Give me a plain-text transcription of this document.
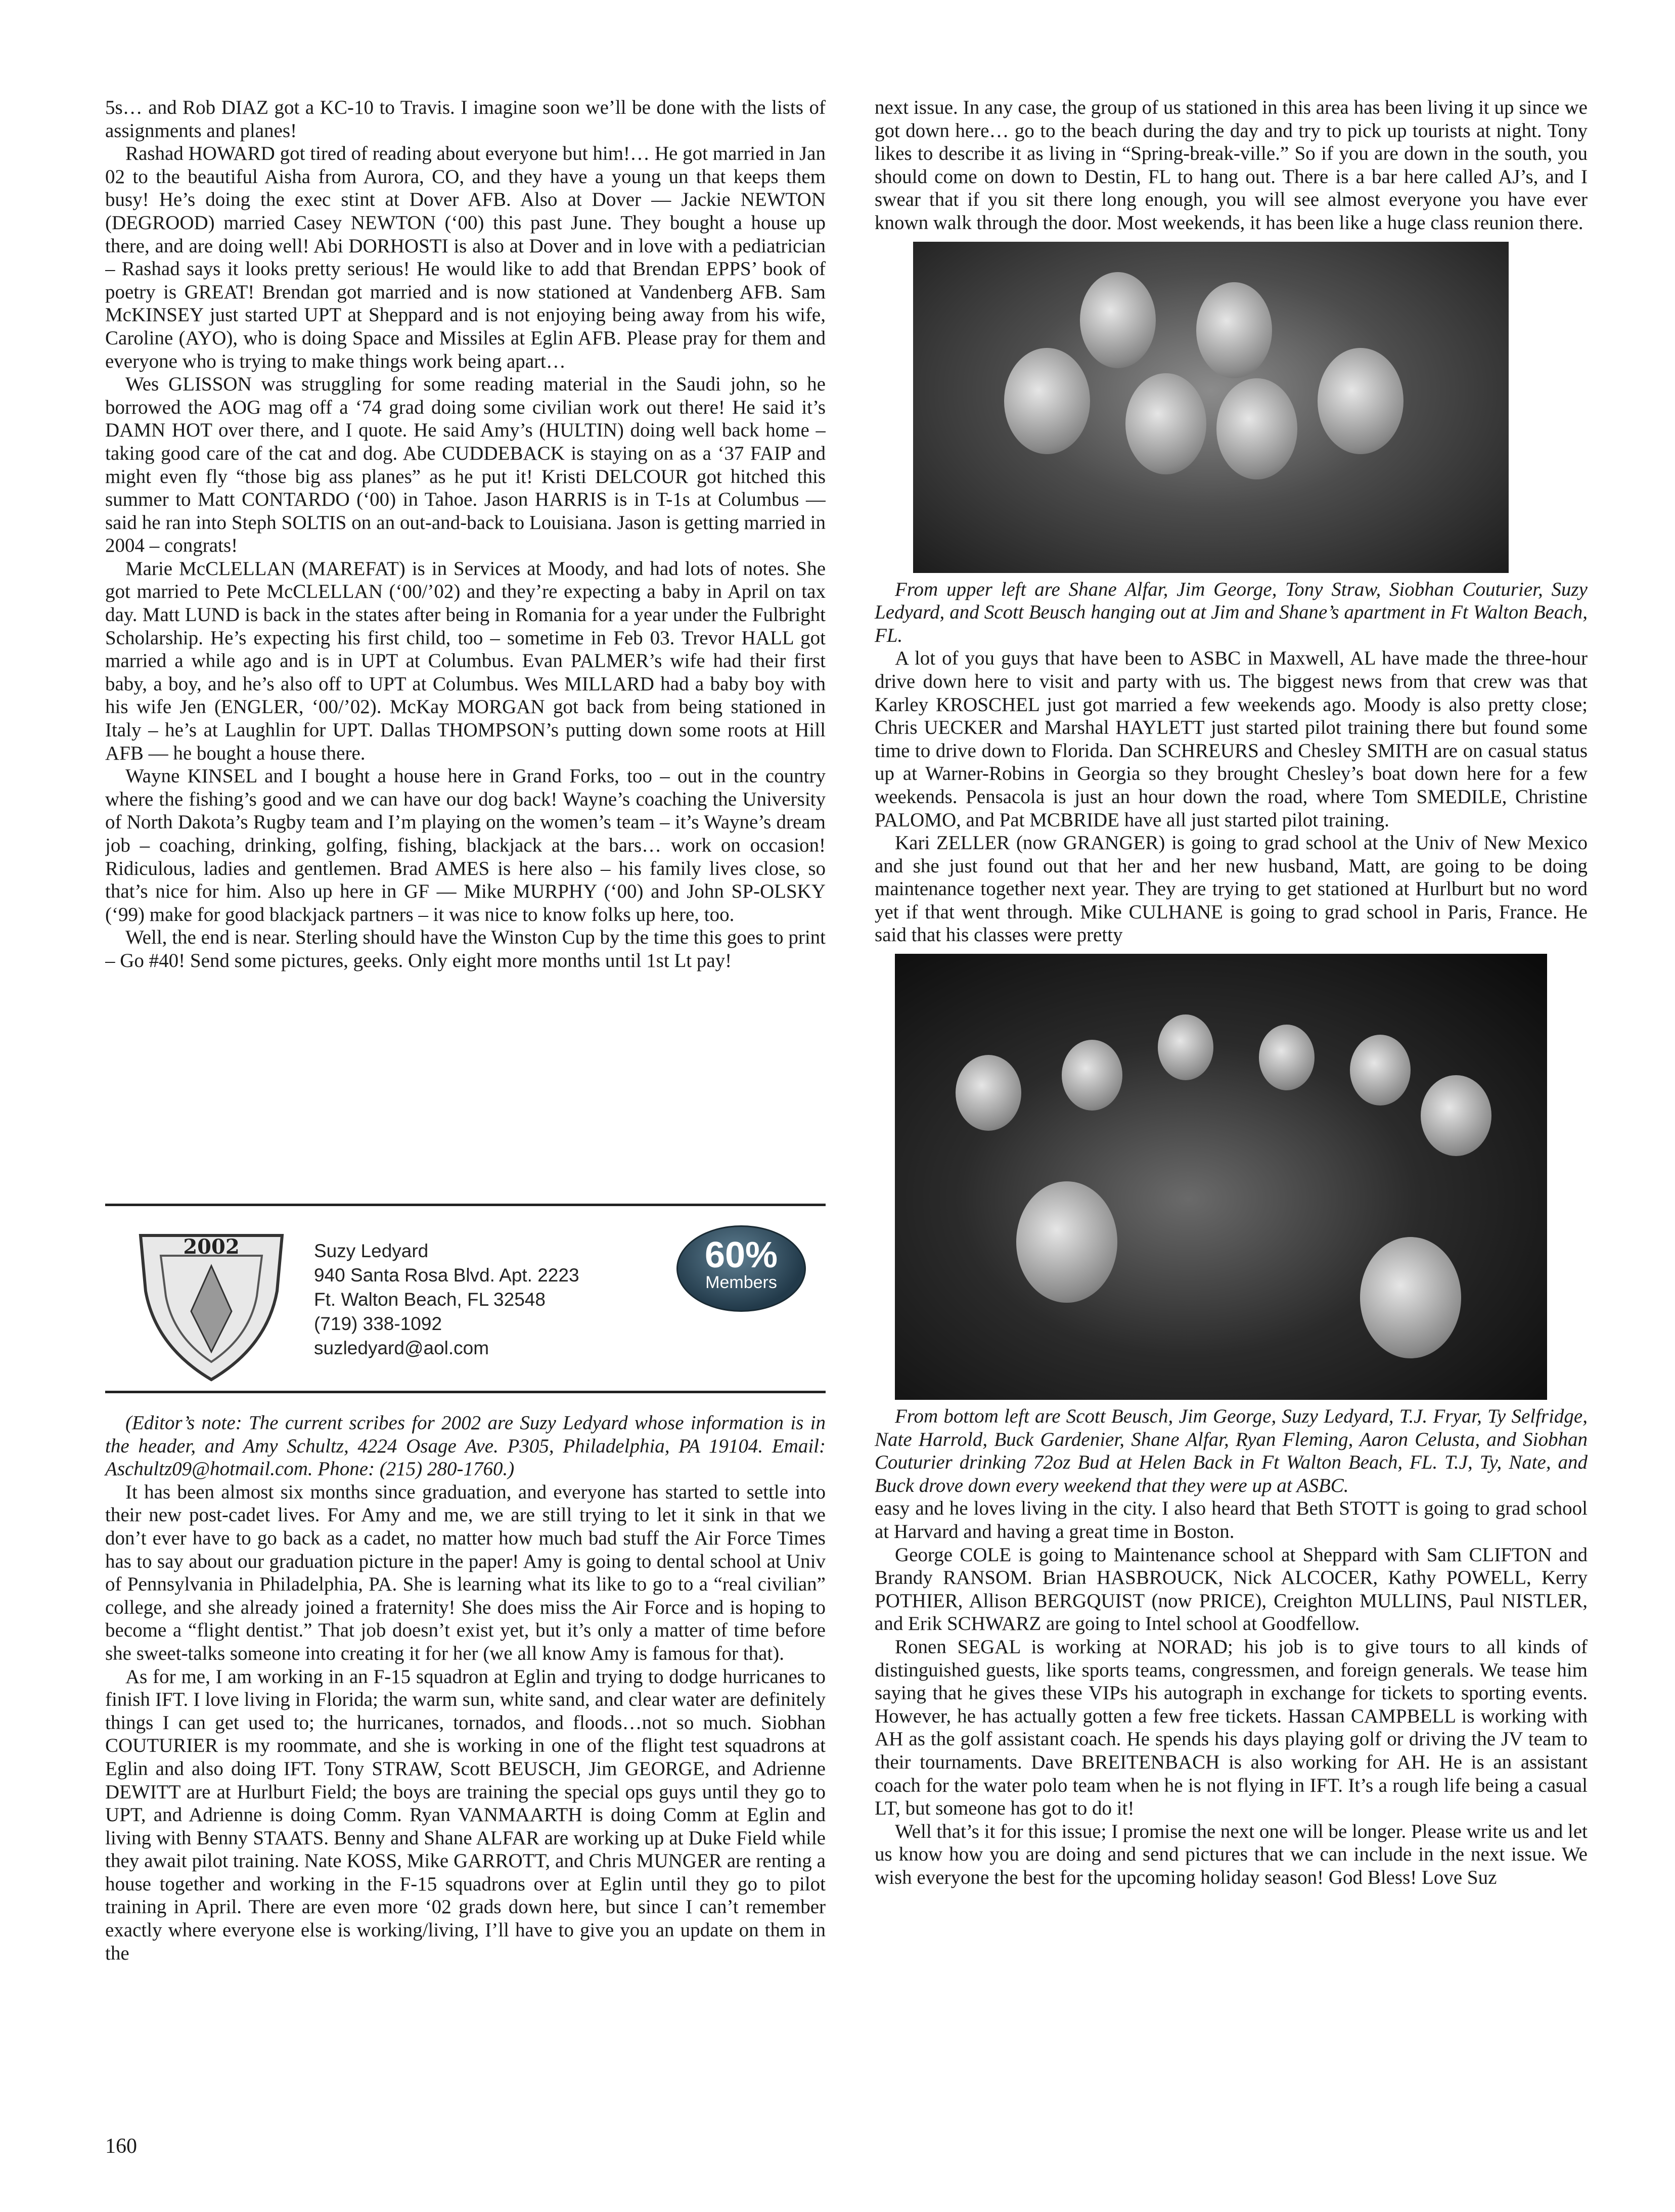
5s… and Rob DIAZ got a KC-10 to Travis. I imagine soon we’ll be done with the lists of assignments and planes!

Rashad HOWARD got tired of reading about everyone but him!… He got married in Jan 02 to the beautiful Aisha from Aurora, CO, and they have a young un that keeps them busy! He’s doing the exec stint at Dover AFB. Also at Dover — Jackie NEWTON (DEGROOD) married Casey NEWTON (‘00) this past June. They bought a house up there, and are doing well! Abi DORHOSTI is also at Dover and in love with a pediatrician – Rashad says it looks pretty serious! He would like to add that Brendan EPPS’ book of poetry is GREAT! Brendan got married and is now stationed at Vandenberg AFB. Sam McKINSEY just started UPT at Sheppard and is not enjoying being away from his wife, Caroline (AYO), who is doing Space and Missiles at Eglin AFB. Please pray for them and everyone who is trying to make things work being apart…

Wes GLISSON was struggling for some reading material in the Saudi john, so he borrowed the AOG mag off a ‘74 grad doing some civilian work out there! He said it’s DAMN HOT over there, and I quote. He said Amy’s (HULTIN) doing well back home – taking good care of the cat and dog. Abe CUDDEBACK is staying on as a ‘37 FAIP and might even fly “those big ass planes” as he put it! Kristi DELCOUR got hitched this summer to Matt CONTARDO (‘00) in Tahoe. Jason HARRIS is in T-1s at Columbus — said he ran into Steph SOLTIS on an out-and-back to Louisiana. Jason is getting married in 2004 – congrats!

Marie McCLELLAN (MAREFAT) is in Services at Moody, and had lots of notes. She got married to Pete McCLELLAN (‘00/’02) and they’re expecting a baby in April on tax day. Matt LUND is back in the states after being in Romania for a year under the Fulbright Scholarship. He’s expecting his first child, too – sometime in Feb 03. Trevor HALL got married a while ago and is in UPT at Columbus. Evan PALMER’s wife had their first baby, a boy, and he’s also off to UPT at Columbus. Wes MILLARD had a baby boy with his wife Jen (ENGLER, ‘00/’02). McKay MORGAN got back from being stationed in Italy – he’s at Laughlin for UPT. Dallas THOMPSON’s putting down some roots at Hill AFB — he bought a house there.

Wayne KINSEL and I bought a house here in Grand Forks, too – out in the country where the fishing’s good and we can have our dog back! Wayne’s coaching the University of North Dakota’s Rugby team and I’m playing on the women’s team – it’s Wayne’s dream job – coaching, drinking, golfing, fishing, blackjack at the bars… work on occasion! Ridiculous, ladies and gentlemen. Brad AMES is here also – his family lives close, so that’s nice for him. Also up here in GF — Mike MURPHY (‘00) and John SP-OLSKY (‘99) make for good blackjack partners – it was nice to know folks up here, too.

Well, the end is near. Sterling should have the Winston Cup by the time this goes to print – Go #40! Send some pictures, geeks. Only eight more months until 1st Lt pay!

2002	Suzy Ledyard
940 Santa Rosa Blvd. Apt. 2223
Ft. Walton Beach, FL 32548
(719) 338-1092
suzledyard@aol.com
60%
Members

(Editor’s note: The current scribes for 2002 are Suzy Ledyard whose information is in the header, and Amy Schultz, 4224 Osage Ave. P305, Philadelphia, PA 19104. Email: Aschultz09@hotmail.com. Phone: (215) 280-1760.)

It has been almost six months since graduation, and everyone has started to settle into their new post-cadet lives. For Amy and me, we are still trying to let it sink in that we don’t ever have to go back as a cadet, no matter how much bad stuff the Air Force Times has to say about our graduation picture in the paper! Amy is going to dental school at Univ of Pennsylvania in Philadelphia, PA. She is learning what its like to go to a “real civilian” college, and she already joined a fraternity! She does miss the Air Force and is hoping to become a “flight dentist.” That job doesn’t exist yet, but it’s only a matter of time before she sweet-talks someone into creating it for her (we all know Amy is famous for that).

As for me, I am working in an F-15 squadron at Eglin and trying to dodge hurricanes to finish IFT. I love living in Florida; the warm sun, white sand, and clear water are definitely things I can get used to; the hurricanes, tornados, and floods…not so much. Siobhan COUTURIER is my roommate, and she is working in one of the flight test squadrons at Eglin and also doing IFT. Tony STRAW, Scott BEUSCH, Jim GEORGE, and Adrienne DEWITT are at Hurlburt Field; the boys are training the special ops guys until they go to UPT, and Adrienne is doing Comm. Ryan VANMAARTH is doing Comm at Eglin and living with Benny STAATS. Benny and Shane ALFAR are working up at Duke Field while they await pilot training. Nate KOSS, Mike GARROTT, and Chris MUNGER are renting a house together and working in the F-15 squadrons over at Eglin until they go to pilot training in April. There are even more ‘02 grads down here, but since I can’t remember exactly where everyone else is working/living, I’ll have to give you an update on them in the

next issue. In any case, the group of us stationed in this area has been living it up since we got down here… go to the beach during the day and try to pick up tourists at night. Tony likes to describe it as living in “Spring-break-ville.” So if you are down in the south, you should come on down to Destin, FL to hang out. There is a bar here called AJ’s, and I swear that if you sit there long enough, you will see almost everyone you have ever known walk through the door. Most weekends, it has been like a huge class reunion there.

From upper left are Shane Alfar, Jim George, Tony Straw, Siobhan Couturier, Suzy Ledyard, and Scott Beusch hanging out at Jim and Shane’s apartment in Ft Walton Beach, FL.

A lot of you guys that have been to ASBC in Maxwell, AL have made the three-hour drive down here to visit and party with us. The biggest news from that crew was that Karley KROSCHEL just got married a few weekends ago. Moody is also pretty close; Chris UECKER and Marshal HAYLETT just started pilot training there but found some time to drive down to Florida. Dan SCHREURS and Chesley SMITH are on casual status up at Warner-Robins in Georgia so they brought Chesley’s boat down here for a few weekends. Pensacola is just an hour down the road, where Tom SMEDILE, Christine PALOMO, and Pat MCBRIDE have all just started pilot training.

Kari ZELLER (now GRANGER) is going to grad school at the Univ of New Mexico and she just found out that her and her new husband, Matt, are going to be doing maintenance together next year. They are trying to get stationed at Hurlburt but no word yet if that went through. Mike CULHANE is going to grad school in Paris, France. He said that his classes were pretty

From bottom left are Scott Beusch, Jim George, Suzy Ledyard, T.J. Fryar, Ty Selfridge, Nate Harrold, Buck Gardenier, Shane Alfar, Ryan Fleming, Aaron Celusta, and Siobhan Couturier drinking 72oz Bud at Helen Back in Ft Walton Beach, FL. T.J, Ty, Nate, and Buck drove down every weekend that they were up at ASBC.

easy and he loves living in the city. I also heard that Beth STOTT is going to grad school at Harvard and having a great time in Boston.

George COLE is going to Maintenance school at Sheppard with Sam CLIFTON and Brandy RANSOM. Brian HASBROUCK, Nick ALCOCER, Kathy POWELL, Kerry POTHIER, Allison BERGQUIST (now PRICE), Creighton MULLINS, Paul NISTLER, and Erik SCHWARZ are going to Intel school at Goodfellow.

Ronen SEGAL is working at NORAD; his job is to give tours to all kinds of distinguished guests, like sports teams, congressmen, and foreign generals. We tease him saying that he gives these VIPs his autograph in exchange for tickets to sporting events. However, he has actually gotten a few free tickets. Hassan CAMPBELL is working with AH as the golf assistant coach. He spends his days playing golf or driving the JV team to their tournaments. Dave BREITENBACH is also working for AH. He is an assistant coach for the water polo team when he is not flying in IFT. It’s a rough life being a casual LT, but someone has got to do it!

Well that’s it for this issue; I promise the next one will be longer. Please write us and let us know how you are doing and send pictures that we can include in the next issue. We wish everyone the best for the upcoming holiday season! God Bless! Love Suz

160
